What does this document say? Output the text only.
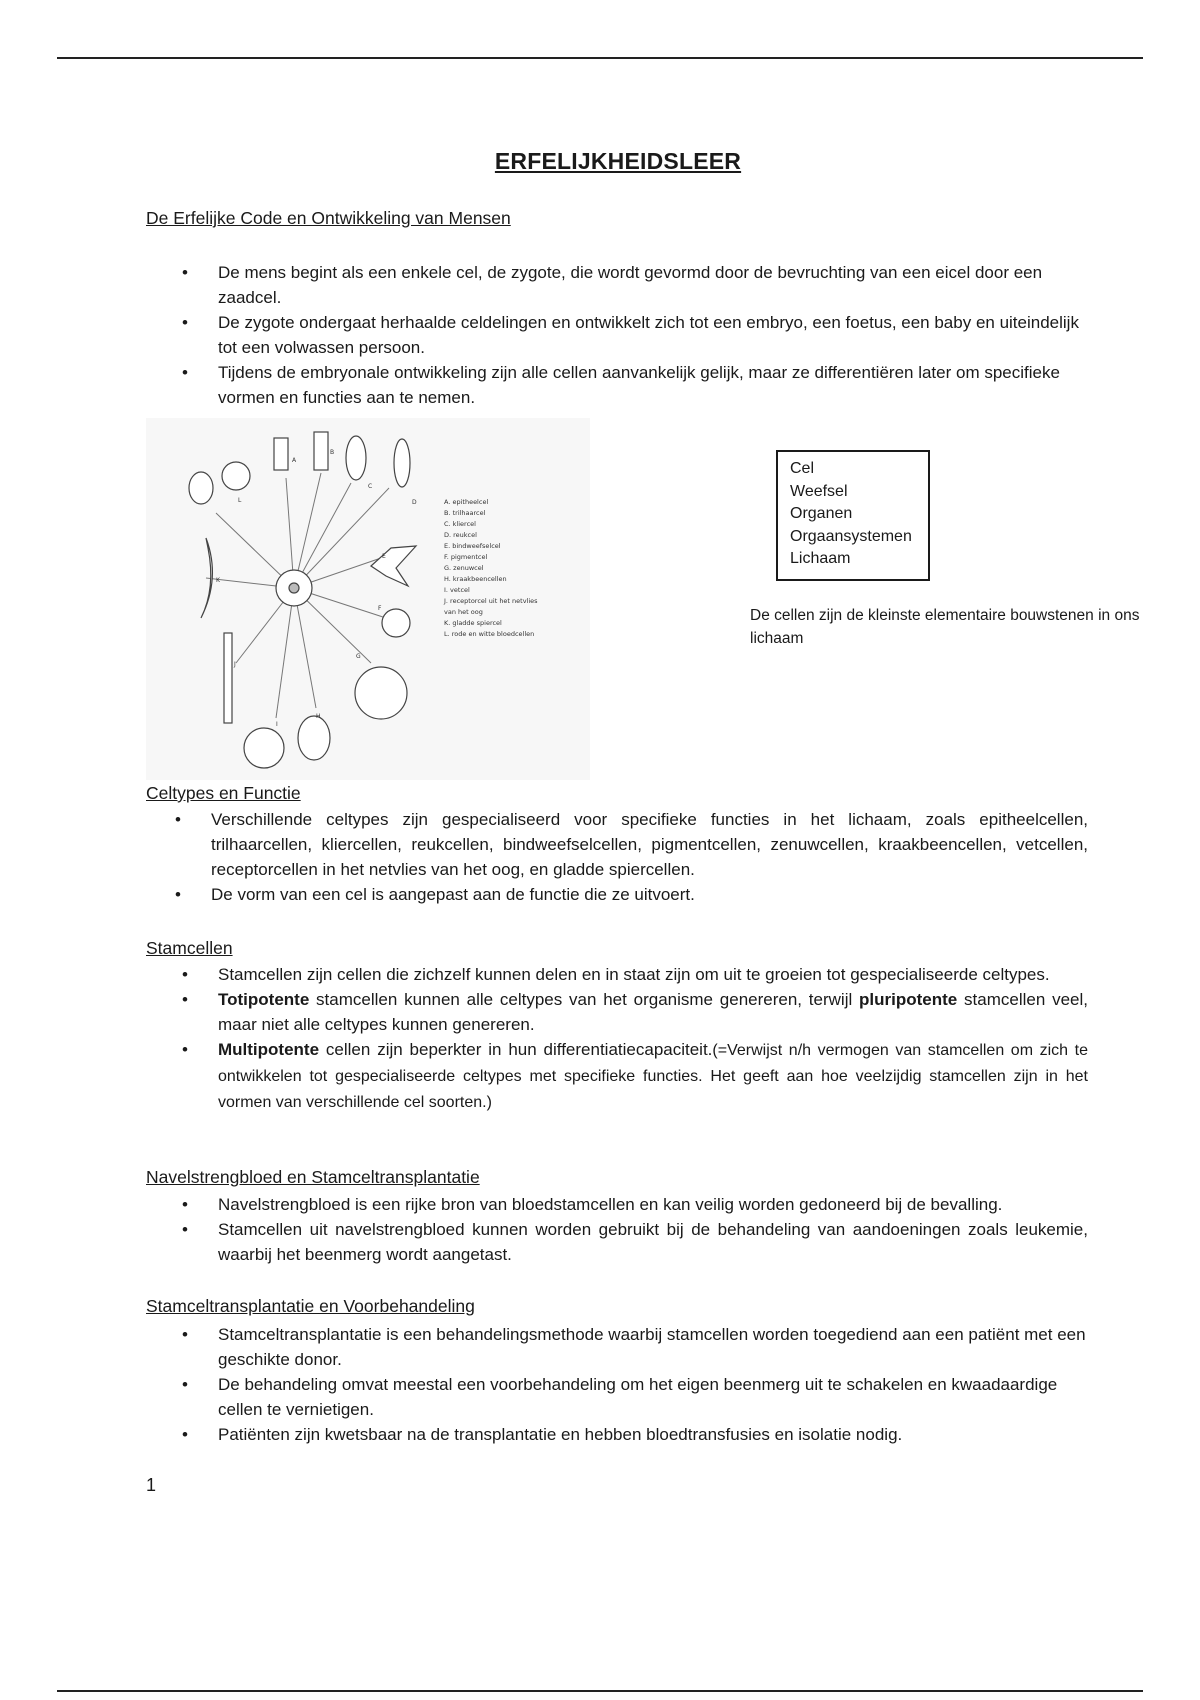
ERFELIJKHEIDSLEER
De Erfelijke Code en Ontwikkeling van Mensen
• De mens begint als een enkele cel, de zygote, die wordt gevormd door de bevruchting van een eicel door een zaadcel.
• De zygote ondergaat herhaalde celdelingen en ontwikkelt zich tot een embryo, een foetus, een baby en uiteindelijk tot een volwassen persoon.
• Tijdens de embryonale ontwikkeling zijn alle cellen aanvankelijk gelijk, maar ze differentiëren later om specifieke vormen en functies aan te nemen.
A. epitheelcel
B. trilhaarcel
C. kliercel
D. reukcel
E. bindweefselcel
F. pigmentcel
G. zenuwcel
H. kraakbeencellen
I. vetcel
J. receptorcel uit het netvlies
van het oog
K. gladde spiercel
L. rode en witte bloedcellen
A
B
C
D
E
F
G
H
I
J
K
L
Cel
Weefsel
Organen
Orgaansystemen
Lichaam
De cellen zijn de kleinste elementaire bouwstenen in ons lichaam
Celtypes en Functie
• Verschillende celtypes zijn gespecialiseerd voor specifieke functies in het lichaam, zoals epitheelcellen, trilhaarcellen, kliercellen, reukcellen, bindweefselcellen, pigmentcellen, zenuwcellen, kraakbeencellen, vetcellen, receptorcellen in het netvlies van het oog, en gladde spiercellen.
• De vorm van een cel is aangepast aan de functie die ze uitvoert.
Stamcellen
• Stamcellen zijn cellen die zichzelf kunnen delen en in staat zijn om uit te groeien tot gespecialiseerde celtypes.
• Totipotente stamcellen kunnen alle celtypes van het organisme genereren, terwijl pluripotente stamcellen veel, maar niet alle celtypes kunnen genereren.
• Multipotente cellen zijn beperkter in hun differentiatiecapaciteit.(=Verwijst n/h vermogen van stamcellen om zich te ontwikkelen tot gespecialiseerde celtypes met specifieke functies. Het geeft aan hoe veelzijdig stamcellen zijn in het vormen van verschillende cel soorten.)
Navelstrengbloed en Stamceltransplantatie
• Navelstrengbloed is een rijke bron van bloedstamcellen en kan veilig worden gedoneerd bij de bevalling.
• Stamcellen uit navelstrengbloed kunnen worden gebruikt bij de behandeling van aandoeningen zoals leukemie, waarbij het beenmerg wordt aangetast.
Stamceltransplantatie en Voorbehandeling
• Stamceltransplantatie is een behandelingsmethode waarbij stamcellen worden toegediend aan een patiënt met een geschikte donor.
• De behandeling omvat meestal een voorbehandeling om het eigen beenmerg uit te schakelen en kwaadaardige cellen te vernietigen.
• Patiënten zijn kwetsbaar na de transplantatie en hebben bloedtransfusies en isolatie nodig.
1
